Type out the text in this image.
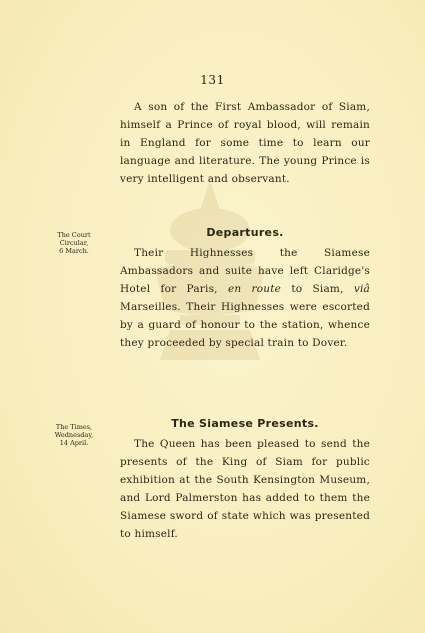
131

A son of the First Ambassador of Siam, himself a Prince of royal blood, will remain in England for some time to learn our language and literature. The young Prince is very intelligent and observant.

The Court
Circular,
6 March.
Departures.

Their Highnesses the Siamese Ambassadors and suite have left Claridge's Hotel for Paris, en route to Siam, viâ Marseilles. Their Highnesses were escorted by a guard of honour to the station, whence they proceeded by special train to Dover.

The Times,
Wednesday,
14 April.
The Siamese Presents.

The Queen has been pleased to send the presents of the King of Siam for public exhibition at the South Kensington Museum, and Lord Palmerston has added to them the Siamese sword of state which was presented to himself.
